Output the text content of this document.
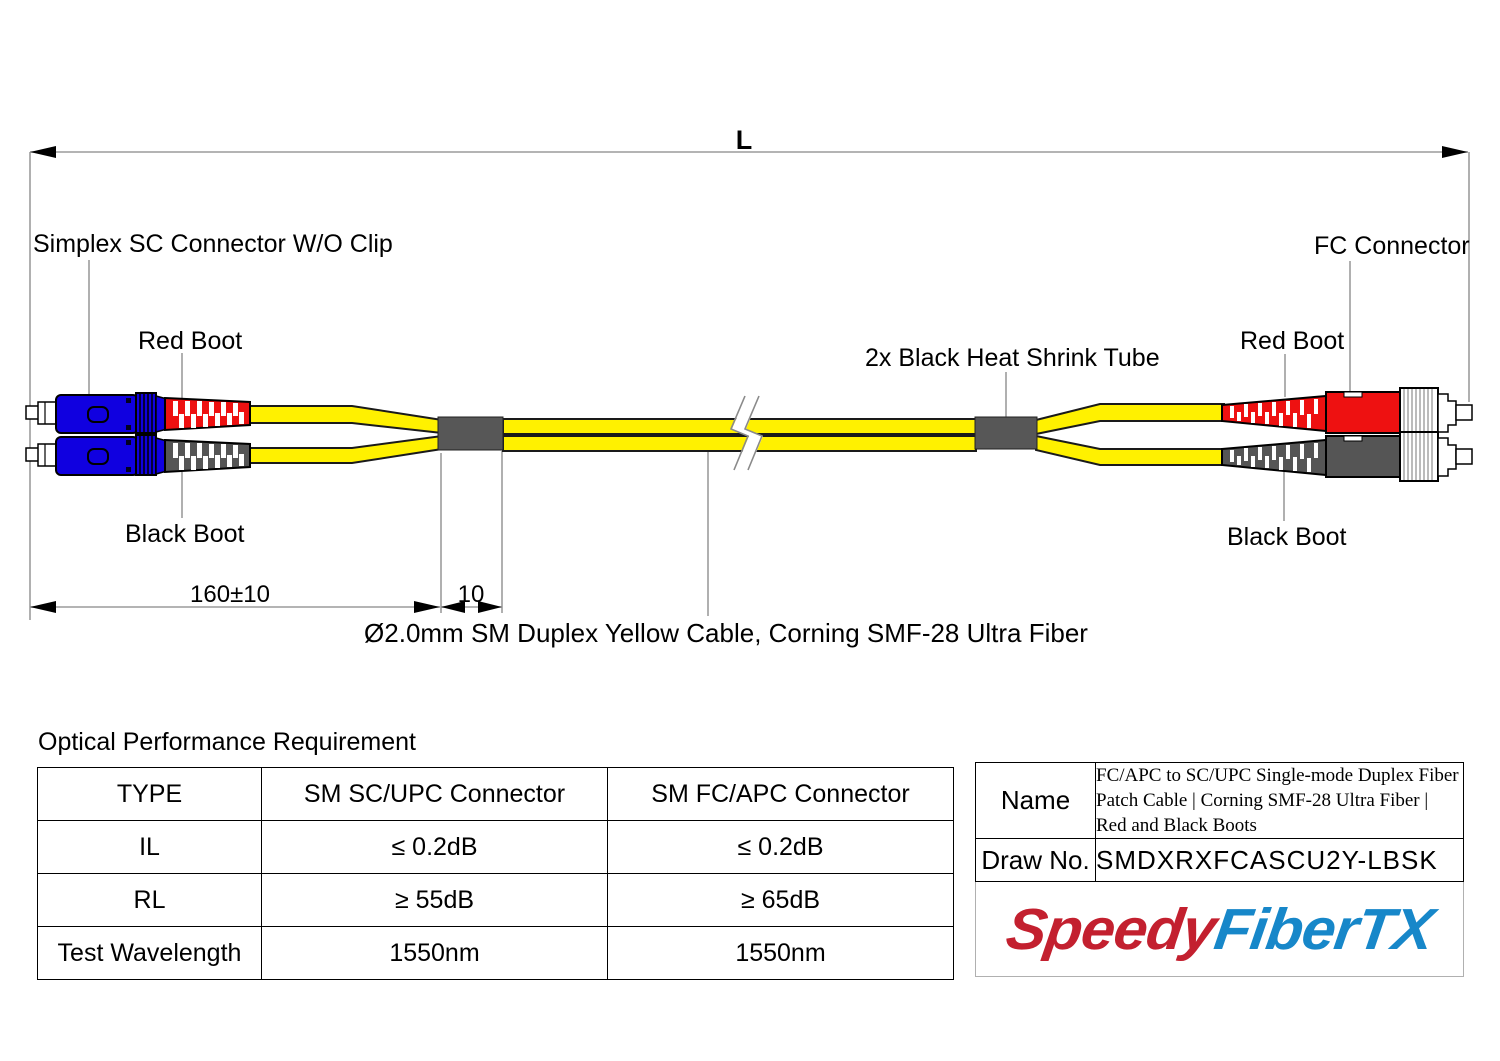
L
Simplex SC Connector W/O Clip
Red Boot
Black Boot
2x Black Heat Shrink Tube
FC Connector
Red Boot
Black Boot
160±10	10
Ø2.0mm SM Duplex Yellow Cable, Corning SMF-28 Ultra Fiber
Optical Performance Requirement
TYPE	SM SC/UPC Connector	SM FC/APC Connector
IL	≤ 0.2dB	≤ 0.2dB
RL	≥ 55dB	≥ 65dB
Test Wavelength	1550nm	1550nm
Name	FC/APC to SC/UPC Single-mode Duplex Fiber Patch Cable | Corning SMF-28 Ultra Fiber | Red and Black Boots
Draw No.	SMDXRXFCASCU2Y-LBSK
SpeedyFiberTX
